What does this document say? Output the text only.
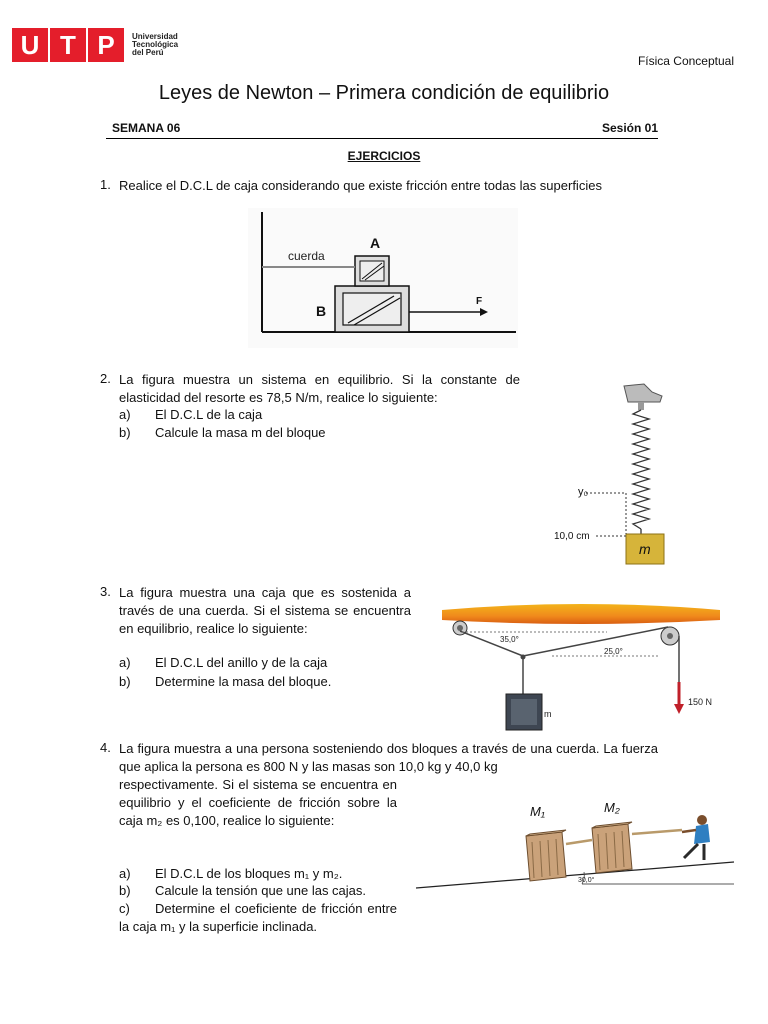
U T P	Universidad
Tecnológica
del Perú
Física Conceptual
Leyes de Newton – Primera condición de equilibrio
SEMANA 06	Sesión 01
EJERCICIOS
1. Realice el D.C.L de caja considerando que existe fricción entre todas las superficies
cuerda
A
B
F
2. La figura muestra un sistema en equilibrio. Si la constante de elasticidad del resorte es 78,5 N/m, realice lo siguiente:
a) El D.C.L de la caja
b) Calcule la masa m del bloque
y₀
10,0 cm
m
3. La figura muestra una caja que es sostenida a través de una cuerda. Si el sistema se encuentra en equilibrio, realice lo siguiente:
a) El D.C.L del anillo y de la caja
b) Determine la masa del bloque.
35,0°
25,0°
150 N
m
4. La figura muestra a una persona sosteniendo dos bloques a través de una cuerda. La fuerza que aplica la persona es 800 N y las masas son 10,0 kg y 40,0 kg
respectivamente. Si el sistema se encuentra en equilibrio y el coeficiente de fricción sobre la caja m₂ es 0,100, realice lo siguiente:
a) El D.C.L de los bloques m₁ y m₂.
b) Calcule la tensión que une las cajas.
c) Determine el coeficiente de fricción entre la caja m₁ y la superficie inclinada.
M₁	M₂
30,0°
